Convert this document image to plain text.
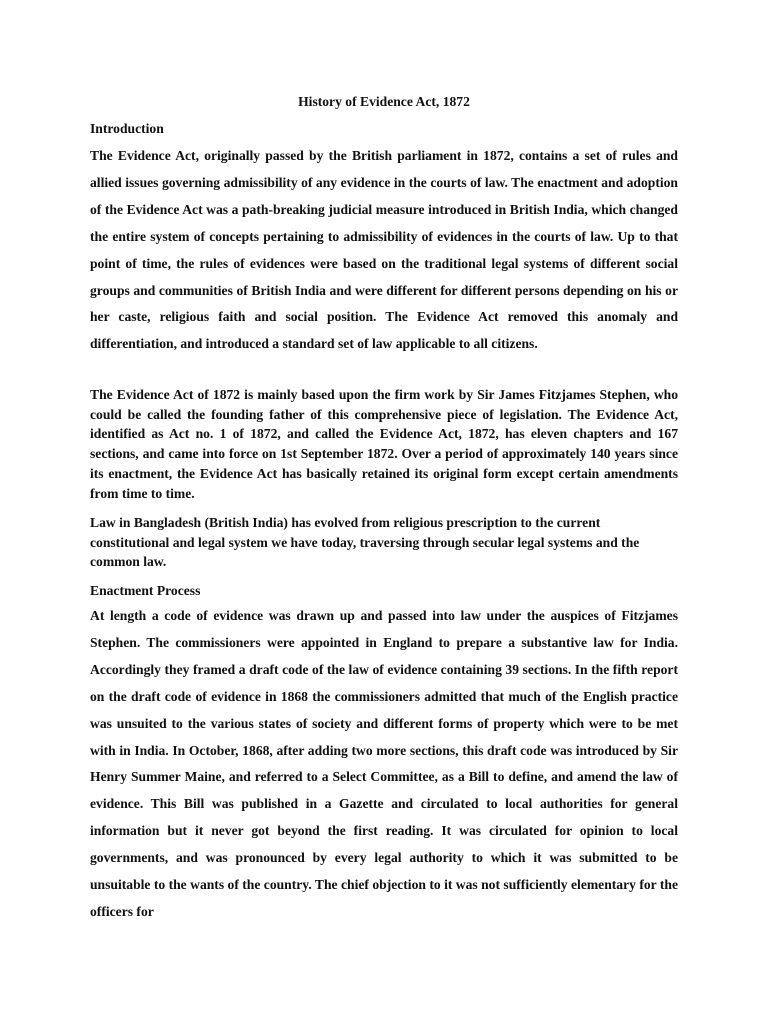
History of Evidence Act, 1872
Introduction
The Evidence Act, originally passed by the British parliament in 1872, contains a set of rules and allied issues governing admissibility of any evidence in the courts of law. The enactment and adoption of the Evidence Act was a path-breaking judicial measure introduced in British India, which changed the entire system of concepts pertaining to admissibility of evidences in the courts of law. Up to that point of time, the rules of evidences were based on the traditional legal systems of different social groups and communities of British India and were different for different persons depending on his or her caste, religious faith and social position. The Evidence Act removed this anomaly and differentiation, and introduced a standard set of law applicable to all citizens.
The Evidence Act of 1872 is mainly based upon the firm work by Sir James Fitzjames Stephen, who could be called the founding father of this comprehensive piece of legislation. The Evidence Act, identified as Act no. 1 of 1872, and called the Evidence Act, 1872, has eleven chapters and 167 sections, and came into force on 1st September 1872. Over a period of approximately 140 years since its enactment, the Evidence Act has basically retained its original form except certain amendments from time to time.
Law in Bangladesh (British India) has evolved from religious prescription to the current constitutional and legal system we have today, traversing through secular legal systems and the common law.
Enactment Process
At length a code of evidence was drawn up and passed into law under the auspices of Fitzjames Stephen. The commissioners were appointed in England to prepare a substantive law for India. Accordingly they framed a draft code of the law of evidence containing 39 sections. In the fifth report on the draft code of evidence in 1868 the commissioners admitted that much of the English practice was unsuited to the various states of society and different forms of property which were to be met with in India. In October, 1868, after adding two more sections, this draft code was introduced by Sir Henry Summer Maine, and referred to a Select Committee, as a Bill to define, and amend the law of evidence. This Bill was published in a Gazette and circulated to local authorities for general information but it never got beyond the first reading. It was circulated for opinion to local governments, and was pronounced by every legal authority to which it was submitted to be unsuitable to the wants of the country. The chief objection to it was not sufficiently elementary for the officers for
